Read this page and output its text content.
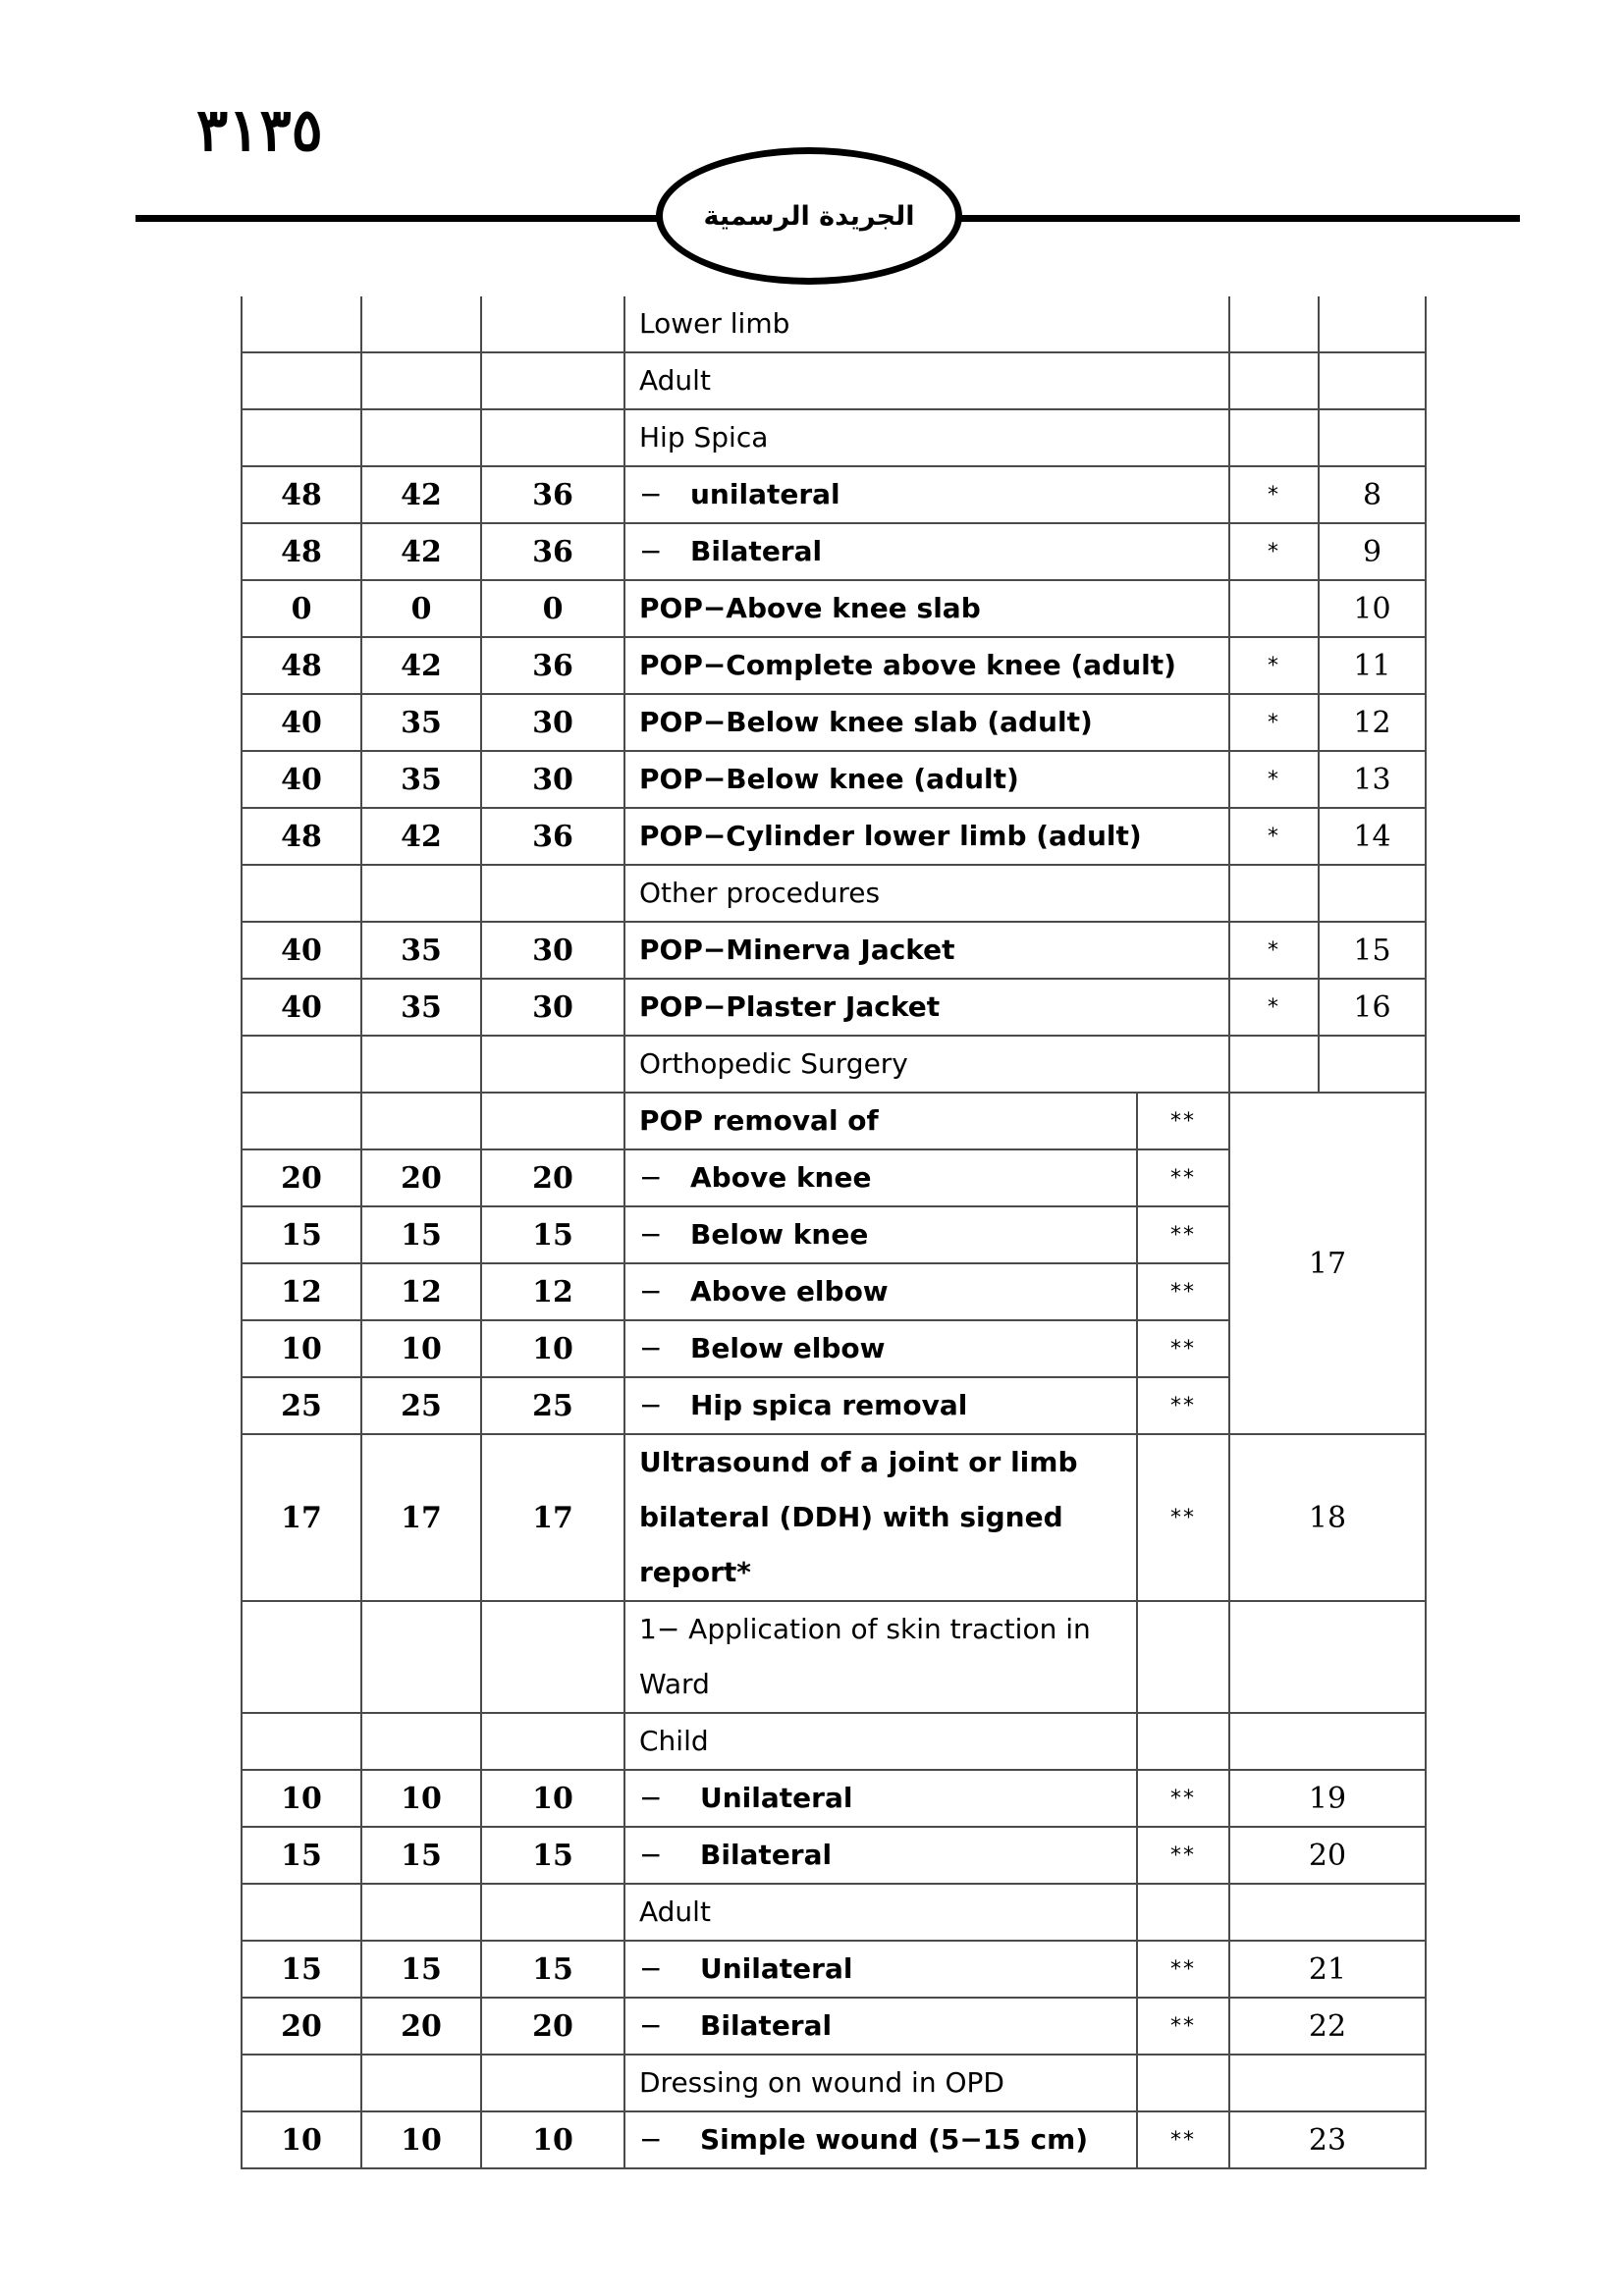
٣١٣٥
الجريدة الرسمية
			Lower limb			
			Adult			
			Hip Spica			
48	42	36	− unilateral		*	8
48	42	36	− Bilateral		*	9
0	0	0	POP−Above knee slab			10
48	42	36	POP−Complete above knee (adult)		*	11
40	35	30	POP−Below knee slab (adult)		*	12
40	35	30	POP−Below knee (adult)		*	13
48	42	36	POP−Cylinder lower limb (adult)		*	14
			Other procedures			
40	35	30	POP−Minerva Jacket		*	15
40	35	30	POP−Plaster Jacket		*	16
			Orthopedic Surgery			
			POP removal of	**	17	
20	20	20	− Above knee	**		
15	15	15	− Below knee	**		
12	12	12	− Above elbow	**		
10	10	10	− Below elbow	**		
25	25	25	− Hip spica removal	**		
17	17	17	Ultrasound of a joint or limb
bilateral (DDH) with signed
report*	**	18	

			1− Application of skin traction in
Ward			

			Child			
10	10	10	− Unilateral	**	19	
15	15	15	− Bilateral	**	20	
			Adult			
15	15	15	− Unilateral	**	21	
20	20	20	− Bilateral	**	22	
			Dressing on wound in OPD			
10	10	10	− Simple wound (5−15 cm)	**	23	
